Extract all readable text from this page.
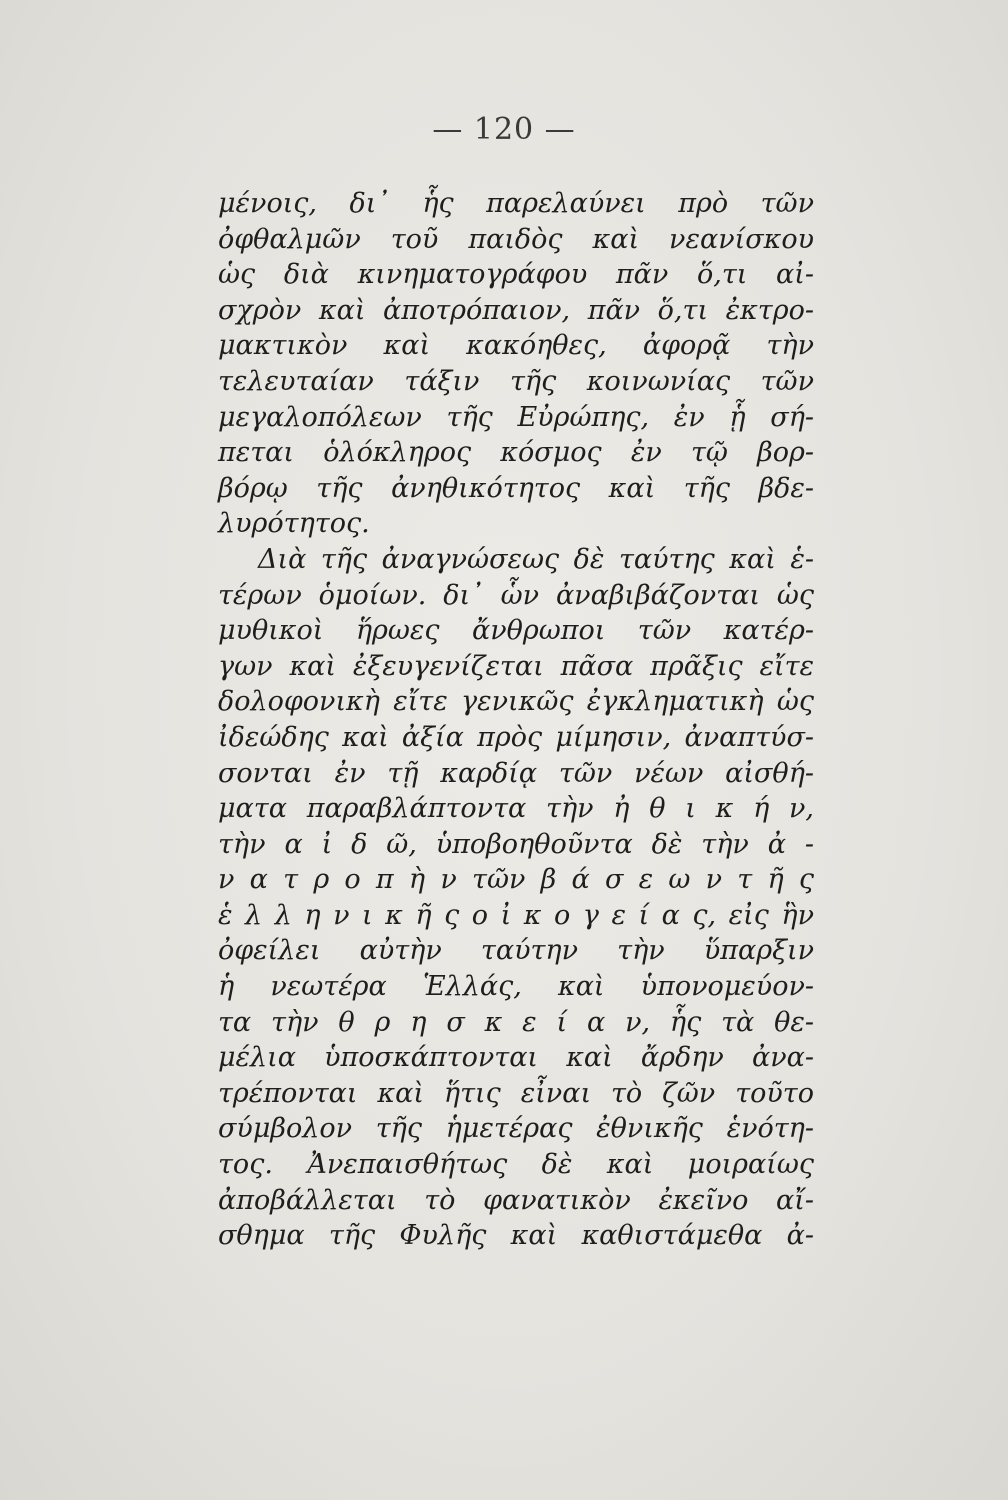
— 120 —
μένοις, δι᾽ ἧς παρελαύνει πρὸ τῶν
ὀφθαλμῶν τοῦ παιδὸς καὶ νεανίσκου
ὡς διὰ κινηματογράφου πᾶν ὅ,τι αἰ-
σχρὸν καὶ ἀποτρόπαιον, πᾶν ὅ,τι ἐκτρο-
μακτικὸν καὶ κακόηθες, ἀφορᾷ τὴν
τελευταίαν τάξιν τῆς κοινωνίας τῶν
μεγαλοπόλεων τῆς Εὐρώπης, ἐν ᾗ σή-
πεται ὁλόκληρος κόσμος ἐν τῷ βορ-
βόρῳ τῆς ἀνηθικότητος καὶ τῆς βδε-
λυρότητος.
Διὰ τῆς ἀναγνώσεως δὲ ταύτης καὶ ἑ-
τέρων ὁμοίων. δι᾽ ὧν ἀναβιβάζονται ὡς
μυθικοὶ ἥρωες ἄνθρωποι τῶν κατέρ-
γων καὶ ἐξευγενίζεται πᾶσα πρᾶξις εἴτε
δολοφονικὴ εἴτε γενικῶς ἐγκληματικὴ ὡς
ἰδεώδης καὶ ἀξία πρὸς μίμησιν, ἀναπτύσ-
σονται ἐν τῇ καρδίᾳ τῶν νέων αἰσθή-
ματα παραβλάπτοντα τὴν ἠ θ ι κ ή ν,
τὴν α ἰ δ ῶ, ὑποβοηθοῦντα δὲ τὴν ἀ -
ν α τ ρ ο π ὴ ν τῶν β ά σ ε ω ν τ ῆ ς
ἑ λ λ η ν ι κ ῆ ς ο ἰ κ ο γ ε ί α ς, εἰς ἣν
ὀφείλει αὐτὴν ταύτην τὴν ὕπαρξιν
ἡ νεωτέρα Ἑλλάς, καὶ ὑπονομεύον-
τα τὴν θ ρ η σ κ ε ί α ν, ἧς τὰ θε-
μέλια ὑποσκάπτονται καὶ ἄρδην ἀνα-
τρέπονται καὶ ἥτις εἶναι τὸ ζῶν τοῦτο
σύμβολον τῆς ἡμετέρας ἐθνικῆς ἑνότη-
τος. Ἀνεπαισθήτως δὲ καὶ μοιραίως
ἀποβάλλεται τὸ φανατικὸν ἐκεῖνο αἴ-
σθημα τῆς Φυλῆς καὶ καθιστάμεθα ἀ-
